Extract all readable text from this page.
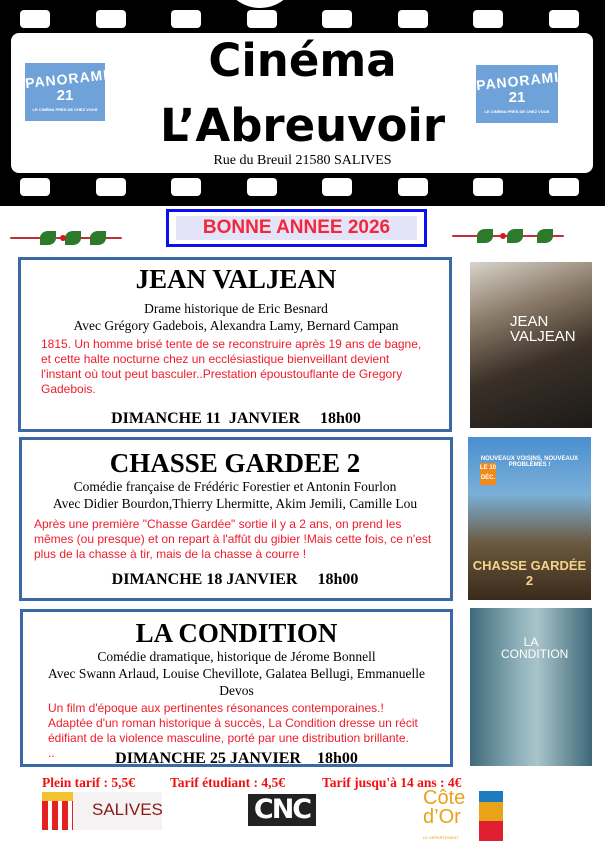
PANORAMIC
21
LE CINÉMA PRÈS DE CHEZ VOUS
PANORAMIC
21
LE CINÉMA PRÈS DE CHEZ VOUS
Cinéma
L’Abreuvoir
Rue du Breuil 21580 SALIVES
BONNE ANNEE 2026
JEAN VALJEAN
Drame historique de Eric Besnard
Avec Grégory Gadebois, Alexandra Lamy, Bernard Campan
1815. Un homme brisé tente de se reconstruire après 19 ans de bagne, et cette halte nocturne chez un ecclésiastique bienveillant devient l'instant où tout peut basculer..Prestation époustouflante de Gregory Gadebois.
DIMANCHE 11  JANVIER     18h00
JEAN VALJEAN
CHASSE GARDEE 2
Comédie française de Frédéric Forestier et Antonin Fourlon
Avec Didier Bourdon,Thierry Lhermitte, Akim Jemili, Camille Lou
Après une première "Chasse Gardée" sortie il y a 2 ans, on prend les mêmes (ou presque) et on repart à l'affût du gibier !Mais cette fois, ce n'est plus de la chasse à tir, mais de la chasse à courre !
DIMANCHE 18 JANVIER     18h00
NOUVEAUX VOISINS, NOUVEAUX PROBLÈMES !
LE 10 DÉC.
CHASSE GARDÉE 2
LA CONDITION
Comédie dramatique, historique de Jérome Bonnell
Avec Swann Arlaud, Louise Chevillote, Galatea Bellugi, Emmanuelle Devos
Un film d'époque aux pertinentes résonances contemporaines.!
Adaptée d'un roman historique à succès, La Condition dresse un récit édifiant de la violence masculine, porté par une distribution brillante.
..	DIMANCHE 25 JANVIER    18h00
LA CONDITION
Plein tarif : 5,5€	Tarif étudiant : 4,5€	Tarif jusqu'à 14 ans : 4€
SALIVES	CNC	Côte
d’Or
LE DÉPARTEMENT
